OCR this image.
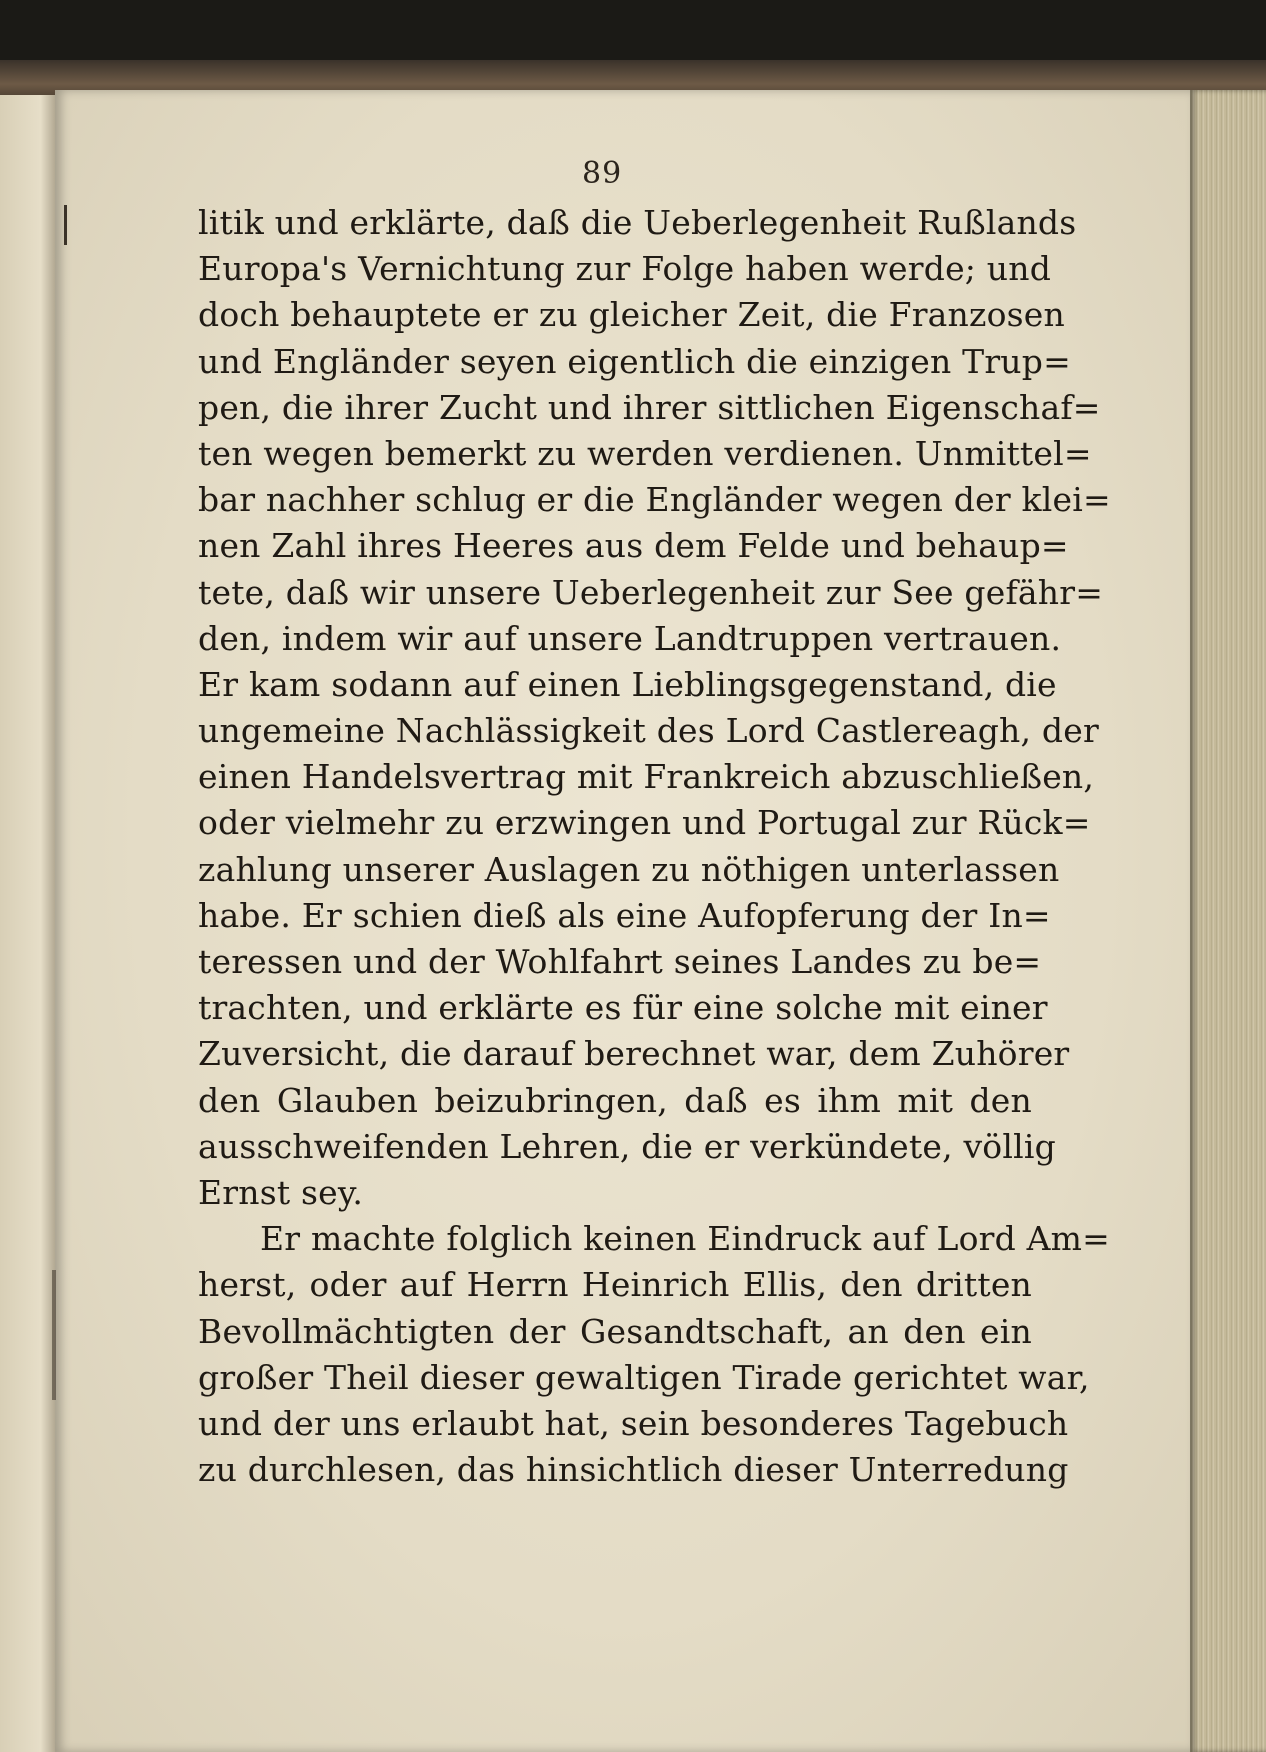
89
litik und erklärte, daß die Ueberlegenheit Rußlands
Europa's Vernichtung zur Folge haben werde; und
doch behauptete er zu gleicher Zeit, die Franzosen
und Engländer seyen eigentlich die einzigen Trup=
pen, die ihrer Zucht und ihrer sittlichen Eigenschaf=
ten wegen bemerkt zu werden verdienen. Unmittel=
bar nachher schlug er die Engländer wegen der klei=
nen Zahl ihres Heeres aus dem Felde und behaup=
tete, daß wir unsere Ueberlegenheit zur See gefähr=
den, indem wir auf unsere Landtruppen vertrauen.
Er kam sodann auf einen Lieblingsgegenstand, die
ungemeine Nachlässigkeit des Lord Castlereagh, der
einen Handelsvertrag mit Frankreich abzuschließen,
oder vielmehr zu erzwingen und Portugal zur Rück=
zahlung unserer Auslagen zu nöthigen unterlassen
habe. Er schien dieß als eine Aufopferung der In=
teressen und der Wohlfahrt seines Landes zu be=
trachten, und erklärte es für eine solche mit einer
Zuversicht, die darauf berechnet war, dem Zuhörer
den Glauben beizubringen, daß es ihm mit den
ausschweifenden Lehren, die er verkündete, völlig
Ernst sey.
Er machte folglich keinen Eindruck auf Lord Am=
herst, oder auf Herrn Heinrich Ellis, den dritten
Bevollmächtigten der Gesandtschaft, an den ein
großer Theil dieser gewaltigen Tirade gerichtet war,
und der uns erlaubt hat, sein besonderes Tagebuch
zu durchlesen, das hinsichtlich dieser Unterredung
